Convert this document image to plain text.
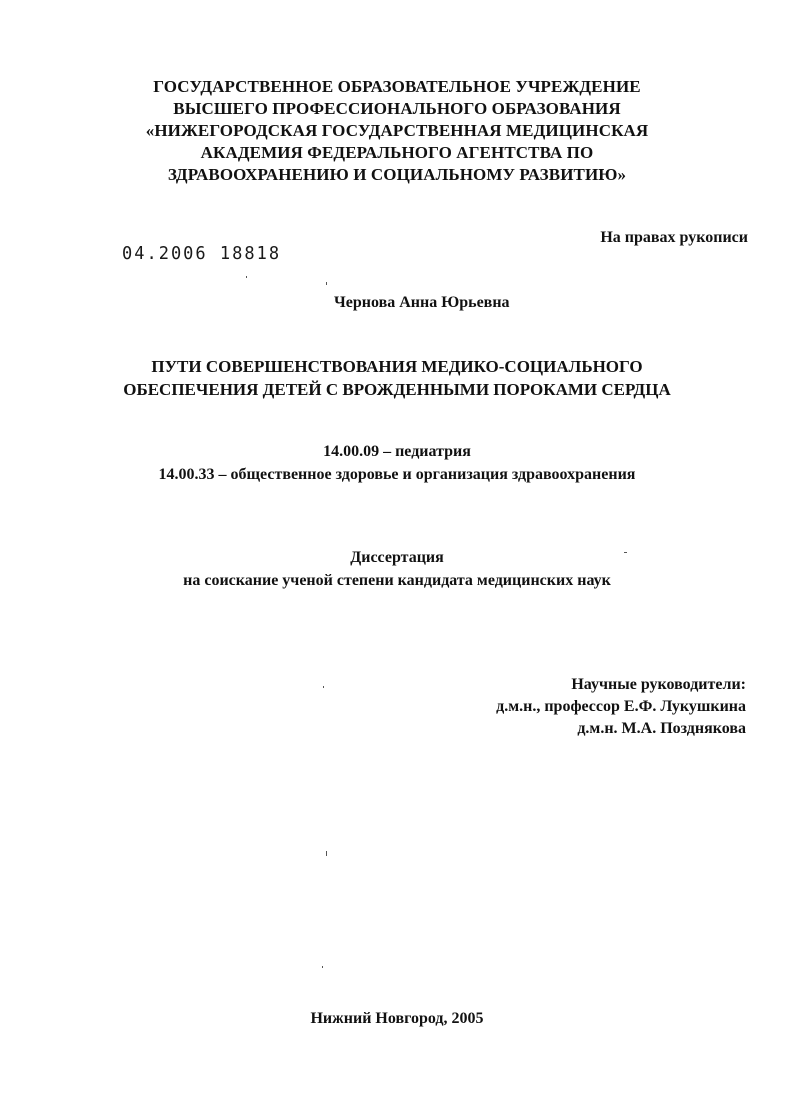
ГОСУДАРСТВЕННОЕ ОБРАЗОВАТЕЛЬНОЕ УЧРЕЖДЕНИЕ
ВЫСШЕГО ПРОФЕССИОНАЛЬНОГО ОБРАЗОВАНИЯ
«НИЖЕГОРОДСКАЯ ГОСУДАРСТВЕННАЯ МЕДИЦИНСКАЯ
АКАДЕМИЯ ФЕДЕРАЛЬНОГО АГЕНТСТВА ПО
ЗДРАВООХРАНЕНИЮ И СОЦИАЛЬНОМУ РАЗВИТИЮ»
04.2006 18818
На правах рукописи
Чернова Анна Юрьевна
ПУТИ СОВЕРШЕНСТВОВАНИЯ МЕДИКО-СОЦИАЛЬНОГО
ОБЕСПЕЧЕНИЯ ДЕТЕЙ С ВРОЖДЕННЫМИ ПОРОКАМИ СЕРДЦА
14.00.09 – педиатрия
14.00.33 – общественное здоровье и организация здравоохранения
Диссертация
на соискание ученой степени кандидата медицинских наук
Научные руководители:
д.м.н., профессор Е.Ф. Лукушкина
д.м.н. М.А. Позднякова
Нижний Новгород, 2005
